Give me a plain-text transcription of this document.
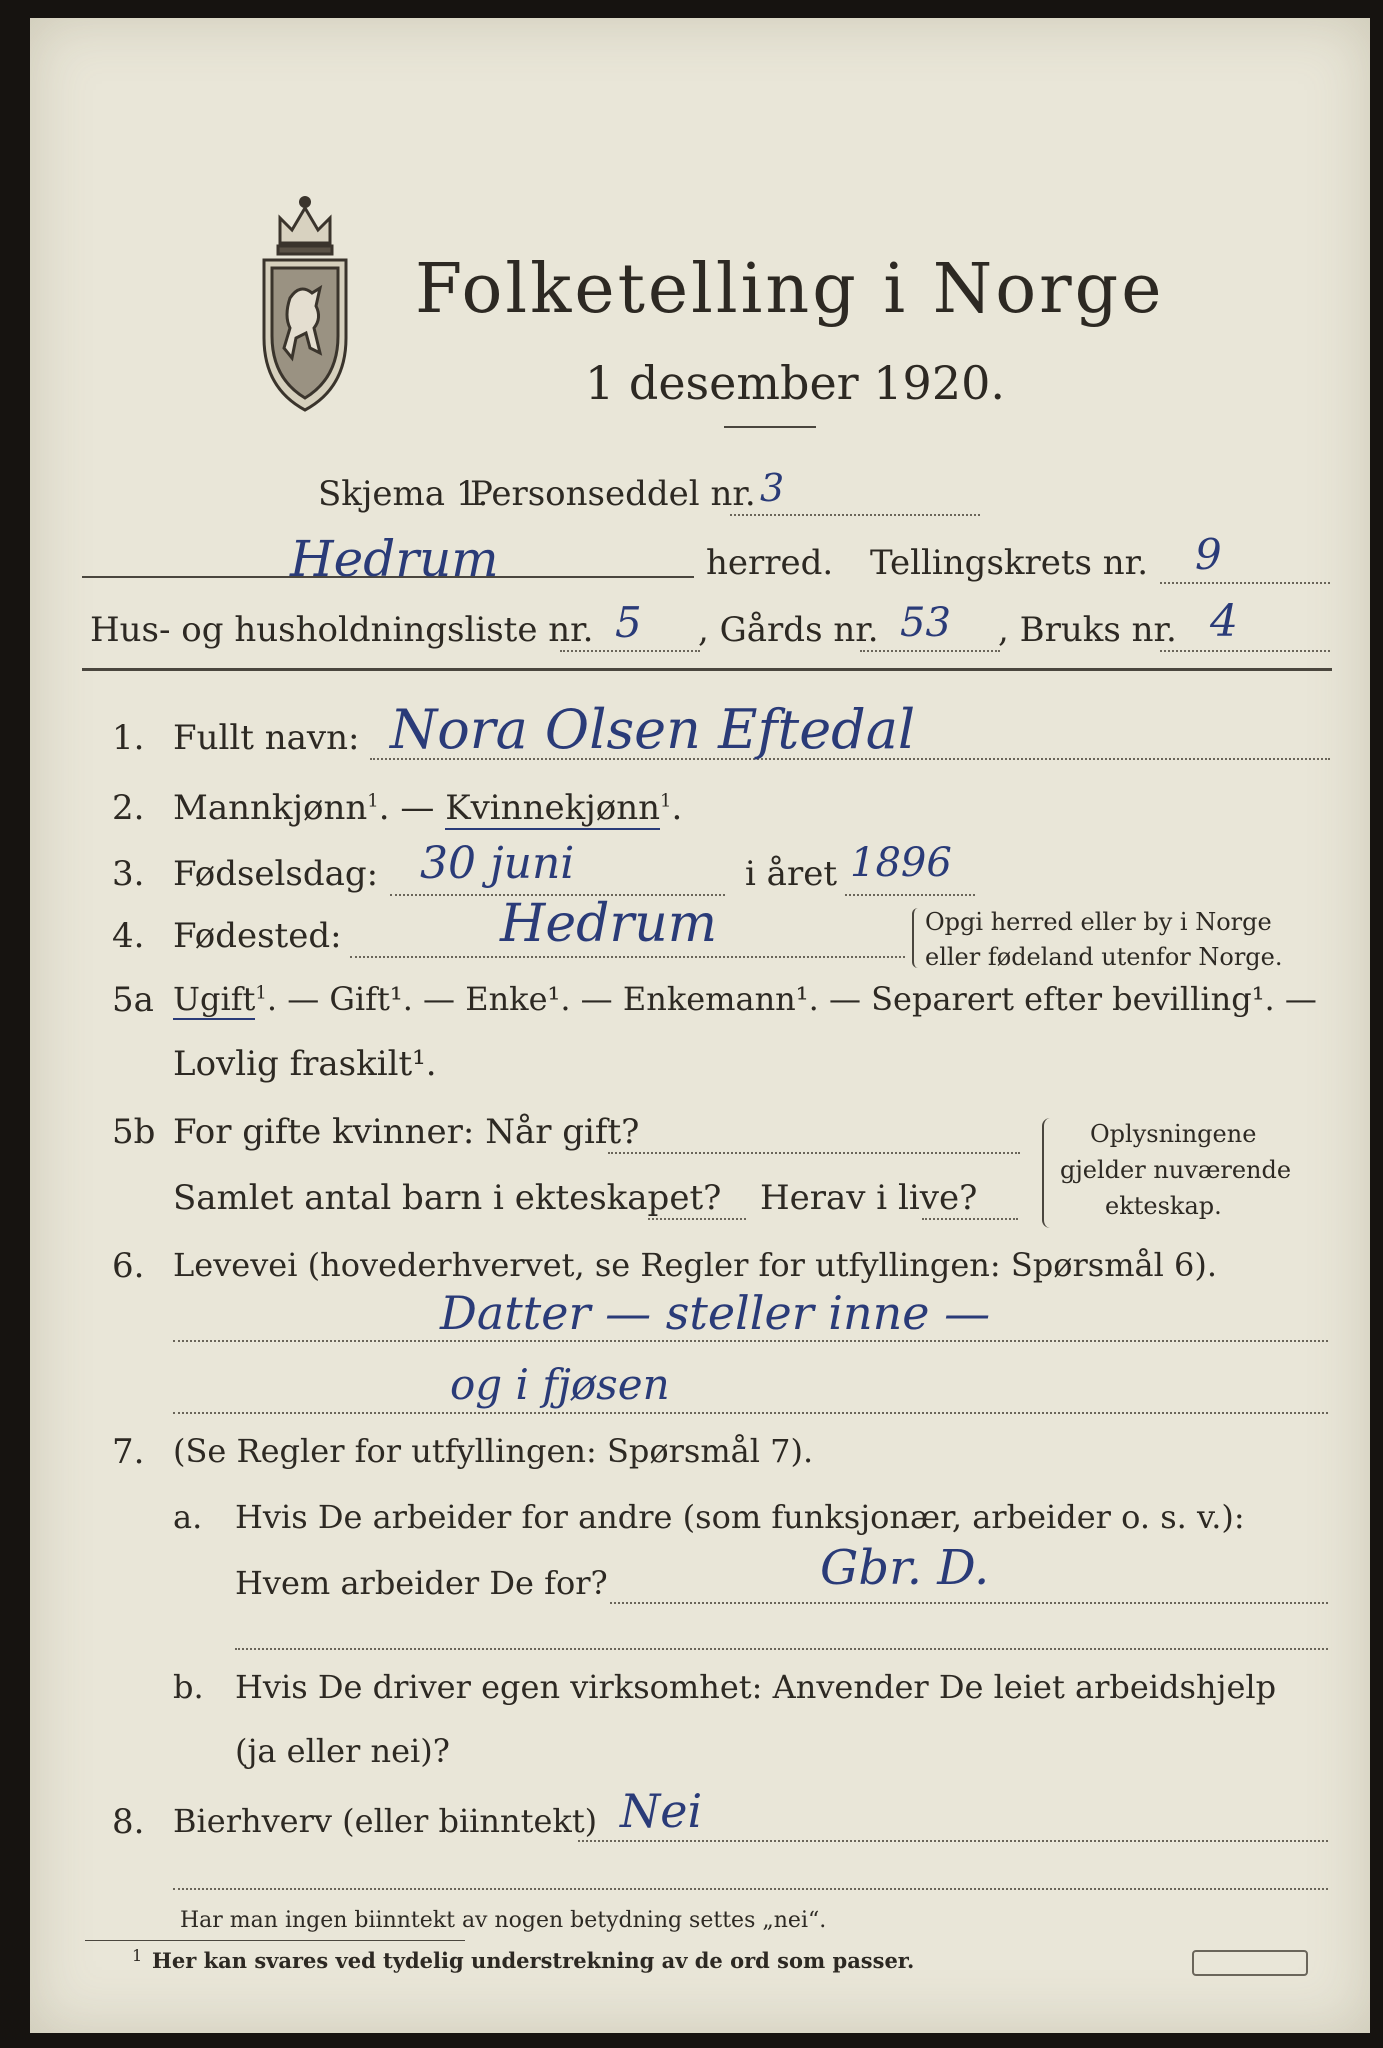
Folketelling i Norge
1 desember 1920.
Skjema 1.
Personseddel nr. 3
Hedrum	herred. Tellingskrets nr. 9
Hus- og husholdningsliste nr. 5 , Gårds nr. 53 , Bruks nr. 4
1. Fullt navn: Nora Olsen Eftedal
2. Mannkjønn$^1$. — Kvinnekjønn$^1$.
3. Fødselsdag: 30 juni	i året 1896
4. Fødested:	Hedrum	Opgi herred eller by i Norge
eller fødeland utenfor Norge.
5a Ugift$^1$. — Gift¹. — Enke¹. — Enkemann¹. — Separert efter bevilling¹. —
Lovlig fraskilt¹.
5b For gifte kvinner: Når gift?
Samlet antal barn i ekteskapet? Herav i live?
Oplysningene
gjelder nuværende
ekteskap.
6. Levevei (hovederhvervet, se Regler for utfyllingen: Spørsmål 6).
Datter — steller inne —
og i fjøsen
7. (Se Regler for utfyllingen: Spørsmål 7).
a. Hvis De arbeider for andre (som funksjonær, arbeider o. s. v.):
Hvem arbeider De for?	Gbr. D.
b. Hvis De driver egen virksomhet: Anvender De leiet arbeidshjelp
(ja eller nei)?
8. Bierhverv (eller biinntekt) Nei
Har man ingen biinntekt av nogen betydning settes „nei“.
1 Her kan svares ved tydelig understrekning av de ord som passer.
